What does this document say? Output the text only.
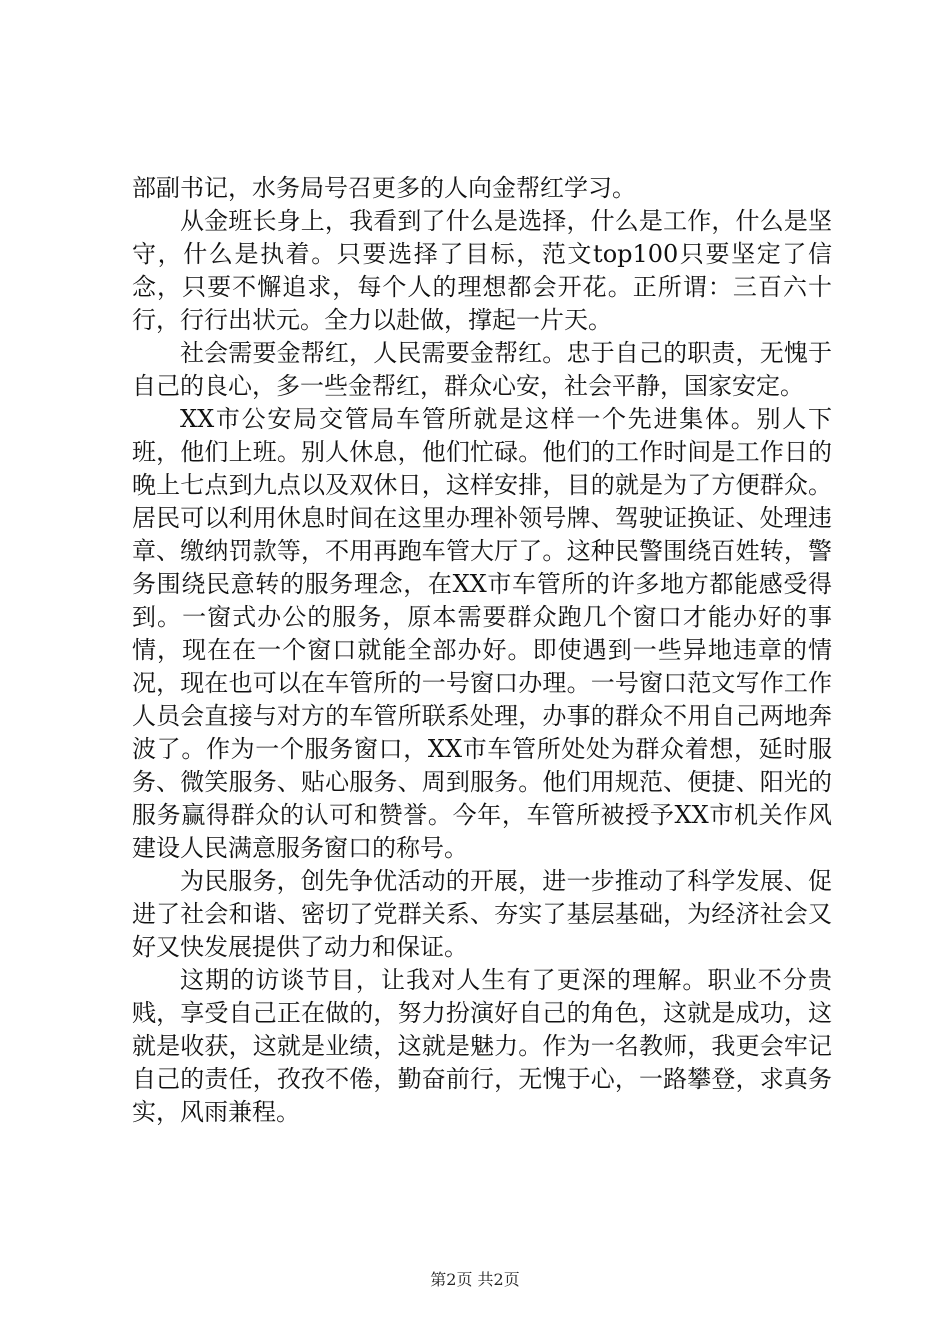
部副书记，水务局号召更多的人向金帮红学习。

从金班长身上，我看到了什么是选择，什么是工作，什么是坚守，什么是执着。只要选择了目标，范文top100只要坚定了信念，只要不懈追求，每个人的理想都会开花。正所谓：三百六十行，行行出状元。全力以赴做，撑起一片天。

社会需要金帮红，人民需要金帮红。忠于自己的职责，无愧于自己的良心，多一些金帮红，群众心安，社会平静，国家安定。

XX市公安局交管局车管所就是这样一个先进集体。别人下班，他们上班。别人休息，他们忙碌。他们的工作时间是工作日的晚上七点到九点以及双休日，这样安排，目的就是为了方便群众。居民可以利用休息时间在这里办理补领号牌、驾驶证换证、处理违章、缴纳罚款等，不用再跑车管大厅了。这种民警围绕百姓转，警务围绕民意转的服务理念，在XX市车管所的许多地方都能感受得到。一窗式办公的服务，原本需要群众跑几个窗口才能办好的事情，现在在一个窗口就能全部办好。即使遇到一些异地违章的情况，现在也可以在车管所的一号窗口办理。一号窗口范文写作工作人员会直接与对方的车管所联系处理，办事的群众不用自己两地奔波了。作为一个服务窗口，XX市车管所处处为群众着想，延时服务、微笑服务、贴心服务、周到服务。他们用规范、便捷、阳光的服务赢得群众的认可和赞誉。今年，车管所被授予XX市机关作风建设人民满意服务窗口的称号。

为民服务，创先争优活动的开展，进一步推动了科学发展、促进了社会和谐、密切了党群关系、夯实了基层基础，为经济社会又好又快发展提供了动力和保证。

这期的访谈节目，让我对人生有了更深的理解。职业不分贵贱，享受自己正在做的，努力扮演好自己的角色，这就是成功，这就是收获，这就是业绩，这就是魅力。作为一名教师，我更会牢记自己的责任，孜孜不倦，勤奋前行，无愧于心，一路攀登，求真务实，风雨兼程。

第2页 共2页
